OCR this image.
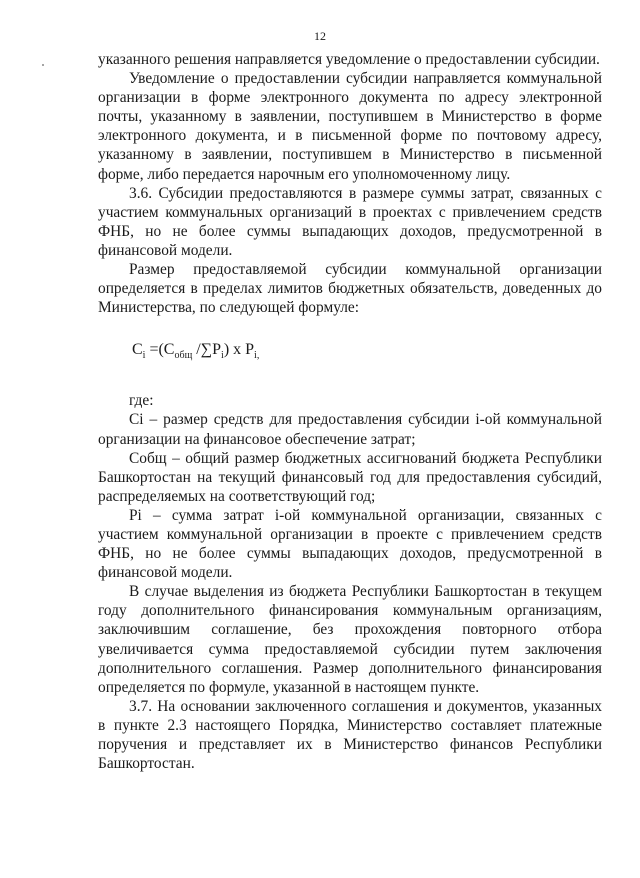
12

указанного решения направляется уведомление о предоставлении субсидии.

Уведомление о предоставлении субсидии направляется коммунальной организации в форме электронного документа по адресу электронной почты, указанному в заявлении, поступившем в Министерство в форме электронного документа, и в письменной форме по почтовому адресу, указанному в заявлении, поступившем в Министерство в письменной форме, либо передается нарочным его уполномоченному лицу.

3.6. Субсидии предоставляются в размере суммы затрат, связанных с участием коммунальных организаций в проектах с привлечением средств ФНБ, но не более суммы выпадающих доходов, предусмотренной в финансовой модели.

Размер предоставляемой субсидии коммунальной организации определяется в пределах лимитов бюджетных обязательств, доведенных до Министерства, по следующей формуле:

$C_i =(C_{общ}$ $/\sum P_i$) x $P_{i,}$

где:

Ci – размер средств для предоставления субсидии i-ой коммунальной организации на финансовое обеспечение затрат;

Cобщ – общий размер бюджетных ассигнований бюджета Республики Башкортостан на текущий финансовый год для предоставления субсидий, распределяемых на соответствующий год;

Pi – сумма затрат i-ой коммунальной организации, связанных с участием коммунальной организации в проекте с привлечением средств ФНБ, но не более суммы выпадающих доходов, предусмотренной в финансовой модели.

В случае выделения из бюджета Республики Башкортостан в текущем году дополнительного финансирования коммунальным организациям, заключившим соглашение, без прохождения повторного отбора увеличивается сумма предоставляемой субсидии путем заключения дополнительного соглашения. Размер дополнительного финансирования определяется по формуле, указанной в настоящем пункте.

3.7. На основании заключенного соглашения и документов, указанных в пункте 2.3 настоящего Порядка, Министерство составляет платежные поручения и представляет их в Министерство финансов Республики Башкортостан.
